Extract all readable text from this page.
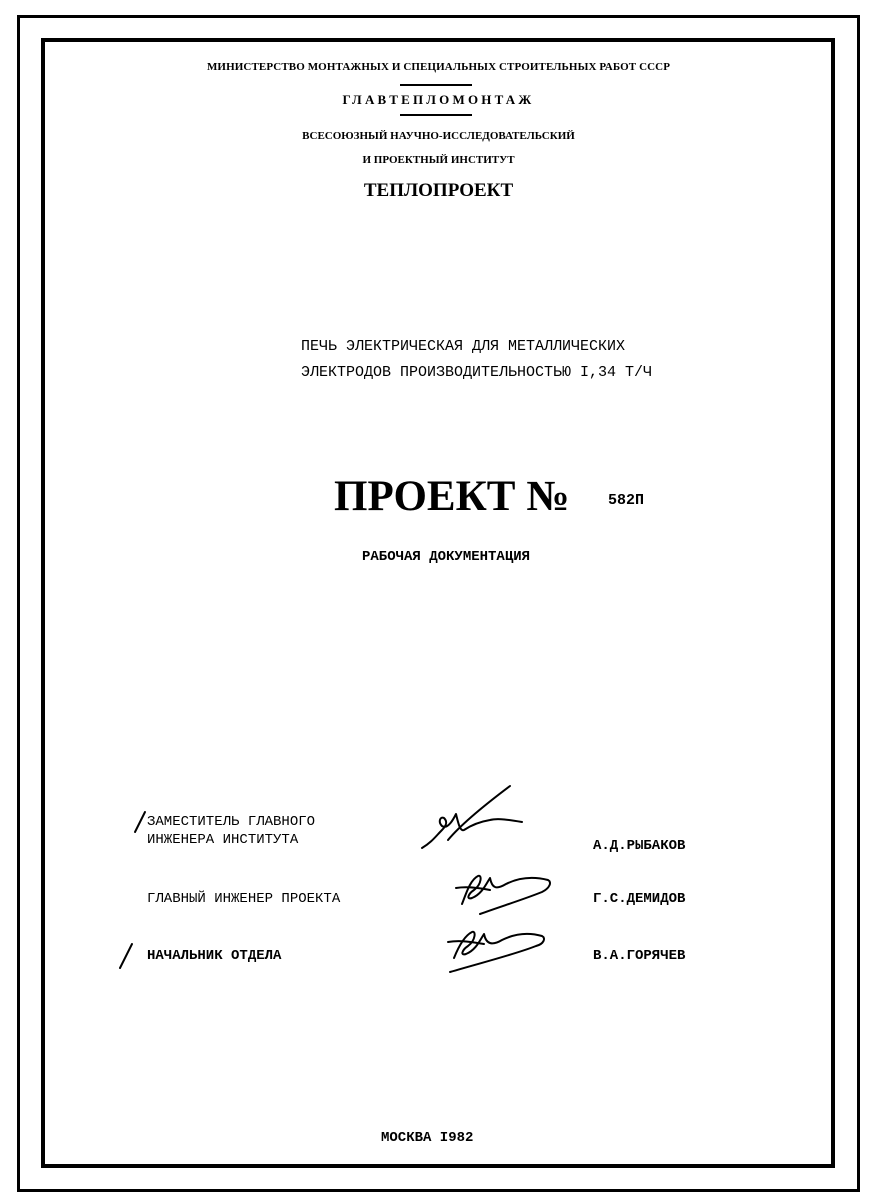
МИНИСТЕРСТВО МОНТАЖНЫХ И СПЕЦИАЛЬНЫХ СТРОИТЕЛЬНЫХ РАБОТ СССР
ГЛАВТЕПЛОМОНТАЖ
ВСЕСОЮЗНЫЙ НАУЧНО-ИССЛЕДОВАТЕЛЬСКИЙ
И ПРОЕКТНЫЙ ИНСТИТУТ
ТЕПЛОПРОЕКТ
ПЕЧЬ ЭЛЕКТРИЧЕСКАЯ ДЛЯ МЕТАЛЛИЧЕСКИХ
ЭЛЕКТРОДОВ ПРОИЗВОДИТЕЛЬНОСТЬЮ I,34 Т/Ч
ПРОЕКТ №	582П
РАБОЧАЯ ДОКУМЕНТАЦИЯ
ЗАМЕСТИТЕЛЬ ГЛАВНОГО
ИНЖЕНЕРА ИНСТИТУТА	А.Д.РЫБАКОВ
ГЛАВНЫЙ ИНЖЕНЕР ПРОЕКТА	Г.С.ДЕМИДОВ
НАЧАЛЬНИК ОТДЕЛА	В.А.ГОРЯЧЕВ
МОСКВА I982
